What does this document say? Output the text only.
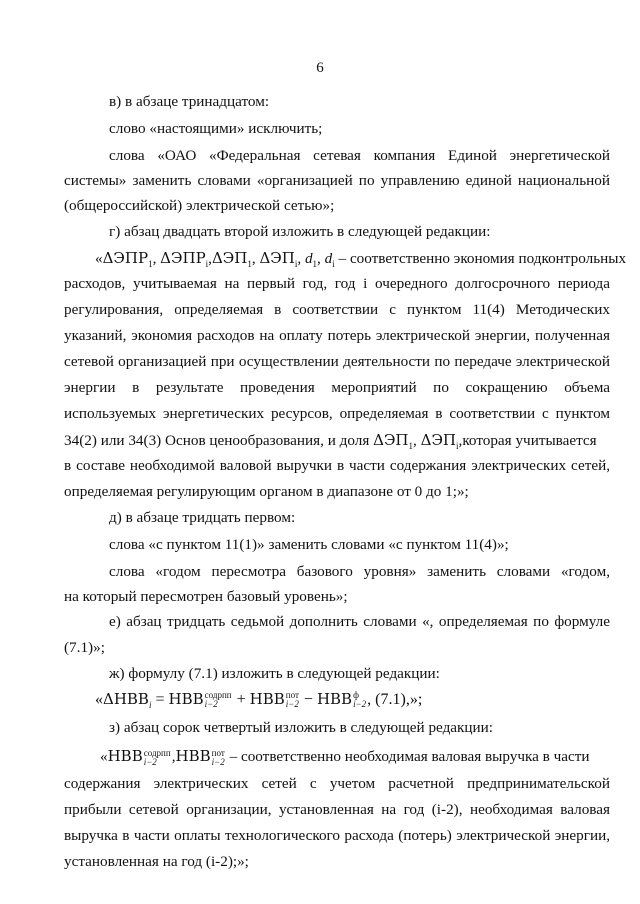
6
в) в абзаце тринадцатом:
слово «настоящими» исключить;
слова «ОАО «Федеральная сетевая компания Единой энергетической
системы» заменить словами «организацией по управлению единой национальной
(общероссийской) электрической сетью»;
г) абзац двадцать второй изложить в следующей редакции:
«$\Delta ЭПР_1$, $\Delta ЭПР_i,\Delta ЭП_1$, $\Delta ЭП_i$, $d_1$, $d_i$ – соответственно экономия подконтрольных
расходов, учитываемая на первый год, год i очередного долгосрочного периода
регулирования, определяемая в соответствии с пунктом 11(4) Методических
указаний, экономия расходов на оплату потерь электрической энергии, полученная
сетевой организацией при осуществлении деятельности по передаче электрической
энергии в результате проведения мероприятий по сокращению объема
используемых энергетических ресурсов, определяемая в соответствии с пунктом
34(2) или 34(3) Основ ценообразования, и доля $\Delta ЭП_1$, $\Delta ЭП_i,которая$ учитывается
в составе необходимой валовой выручки в части содержания электрических сетей,
определяемая регулирующим органом в диапазоне от 0 до 1;»;
д) в абзаце тридцать первом:
слова «с пунктом 11(1)» заменить словами «с пунктом 11(4)»;
слова «годом пересмотра базового уровня» заменить словами «годом,
на который пересмотрен базовый уровень»;
е) абзац тридцать седьмой дополнить словами «, определяемая по формуле
(7.1)»;
ж) формулу (7.1) изложить в следующей редакции:
«$\Delta НВВ_i$ = НВВ содрпп
i−2	+ НВВ пот
i−2 − НВВ ф
i−2 , (7.1),»;
з) абзац сорок четвертый изложить в следующей редакции:
«НВВ содрпп
i−2 ,НВВ пот
i−2 – соответственно необходимая валовая выручка в части
содержания электрических сетей с учетом расчетной предпринимательской
прибыли сетевой организации, установленная на год (i-2), необходимая валовая
выручка в части оплаты технологического расхода (потерь) электрической энергии,
установленная на год (i-2);»;
